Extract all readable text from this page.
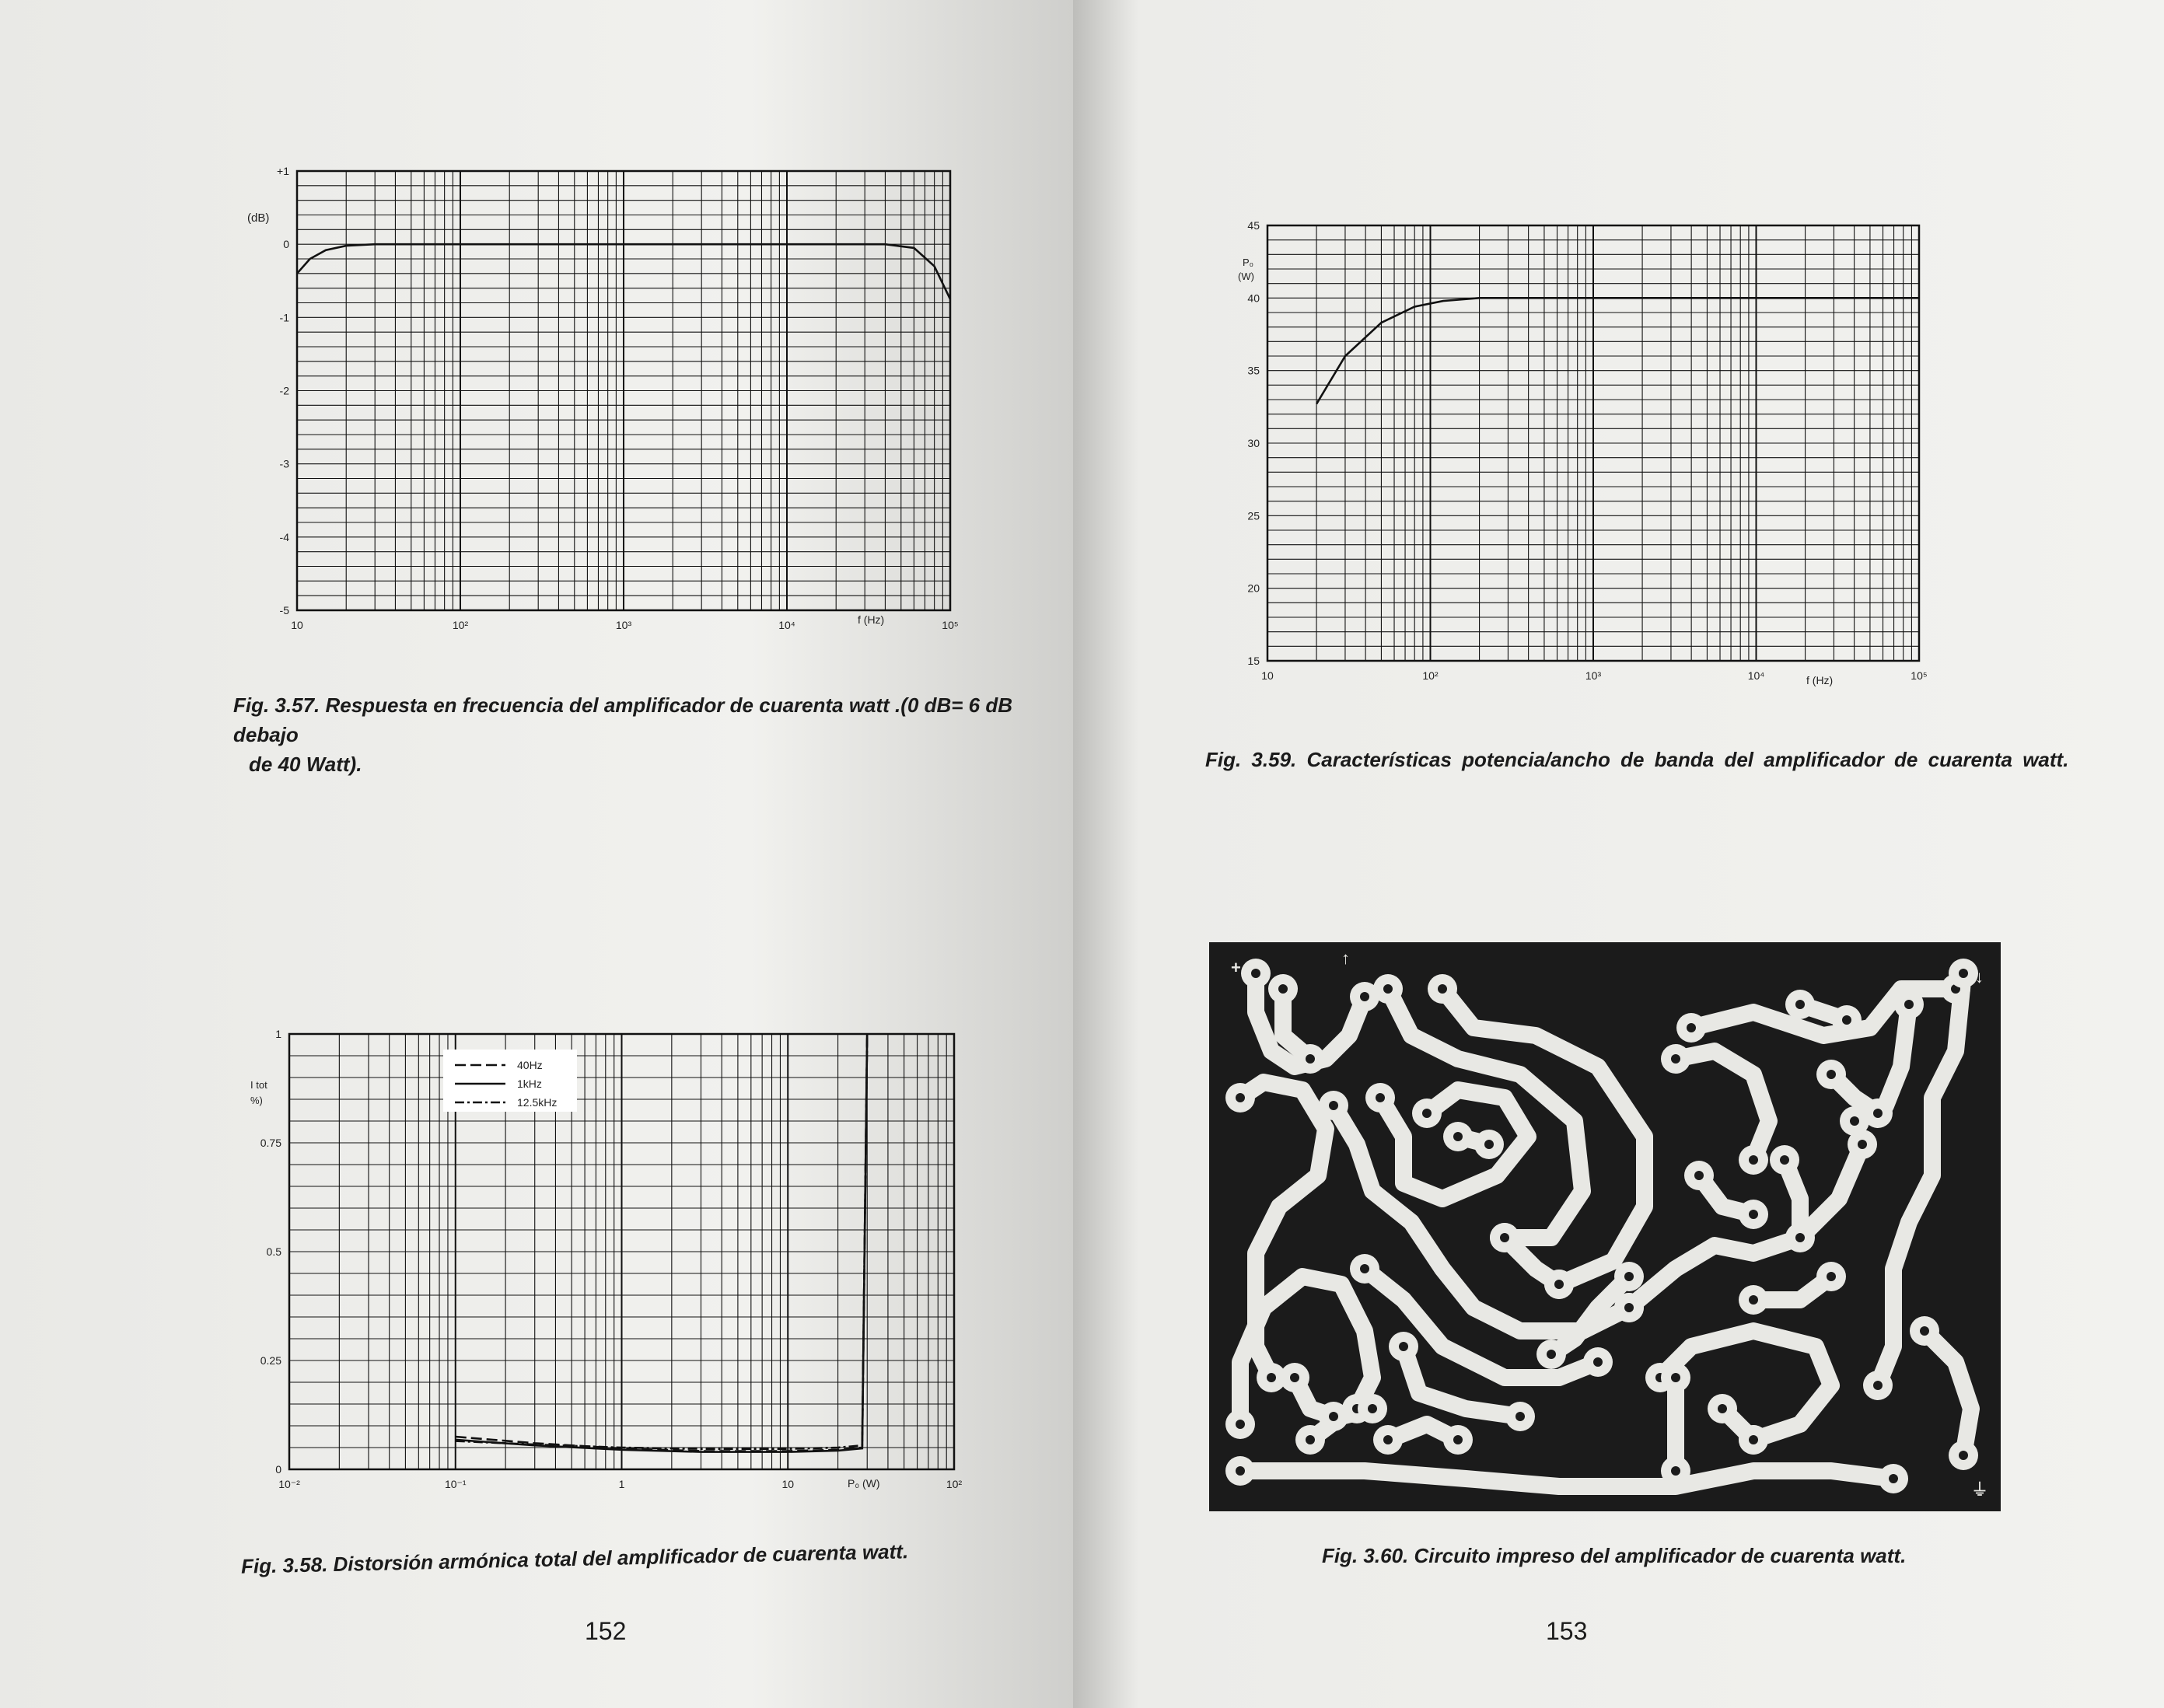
(dB)
f (Hz)
+1
0
-1
-2
-3
-4
-5
10	10²	10³	10⁴	10⁵
Fig. 3.57. Respuesta en frecuencia del amplificador de cuarenta watt .(0 dB= 6 dB debajo
de 40 Watt).
I tot
%)
40Hz
1kHz
12.5kHz
P₀ (W)
1
0.75
0.5
0.25
0
10⁻²	10⁻¹	1	10	10²
Fig. 3.58. Distorsión armónica total del amplificador de cuarenta watt.
152
P₀
(W)
f (Hz)
45
40
35
30
25
20
15
10	10²	10³	10⁴	10⁵
Fig. 3.59. Características potencia/ancho de banda del amplificador de cuarenta watt.
Fig. 3.60. Circuito impreso del amplificador de cuarenta watt.
153
+	↑
↓
⏚
